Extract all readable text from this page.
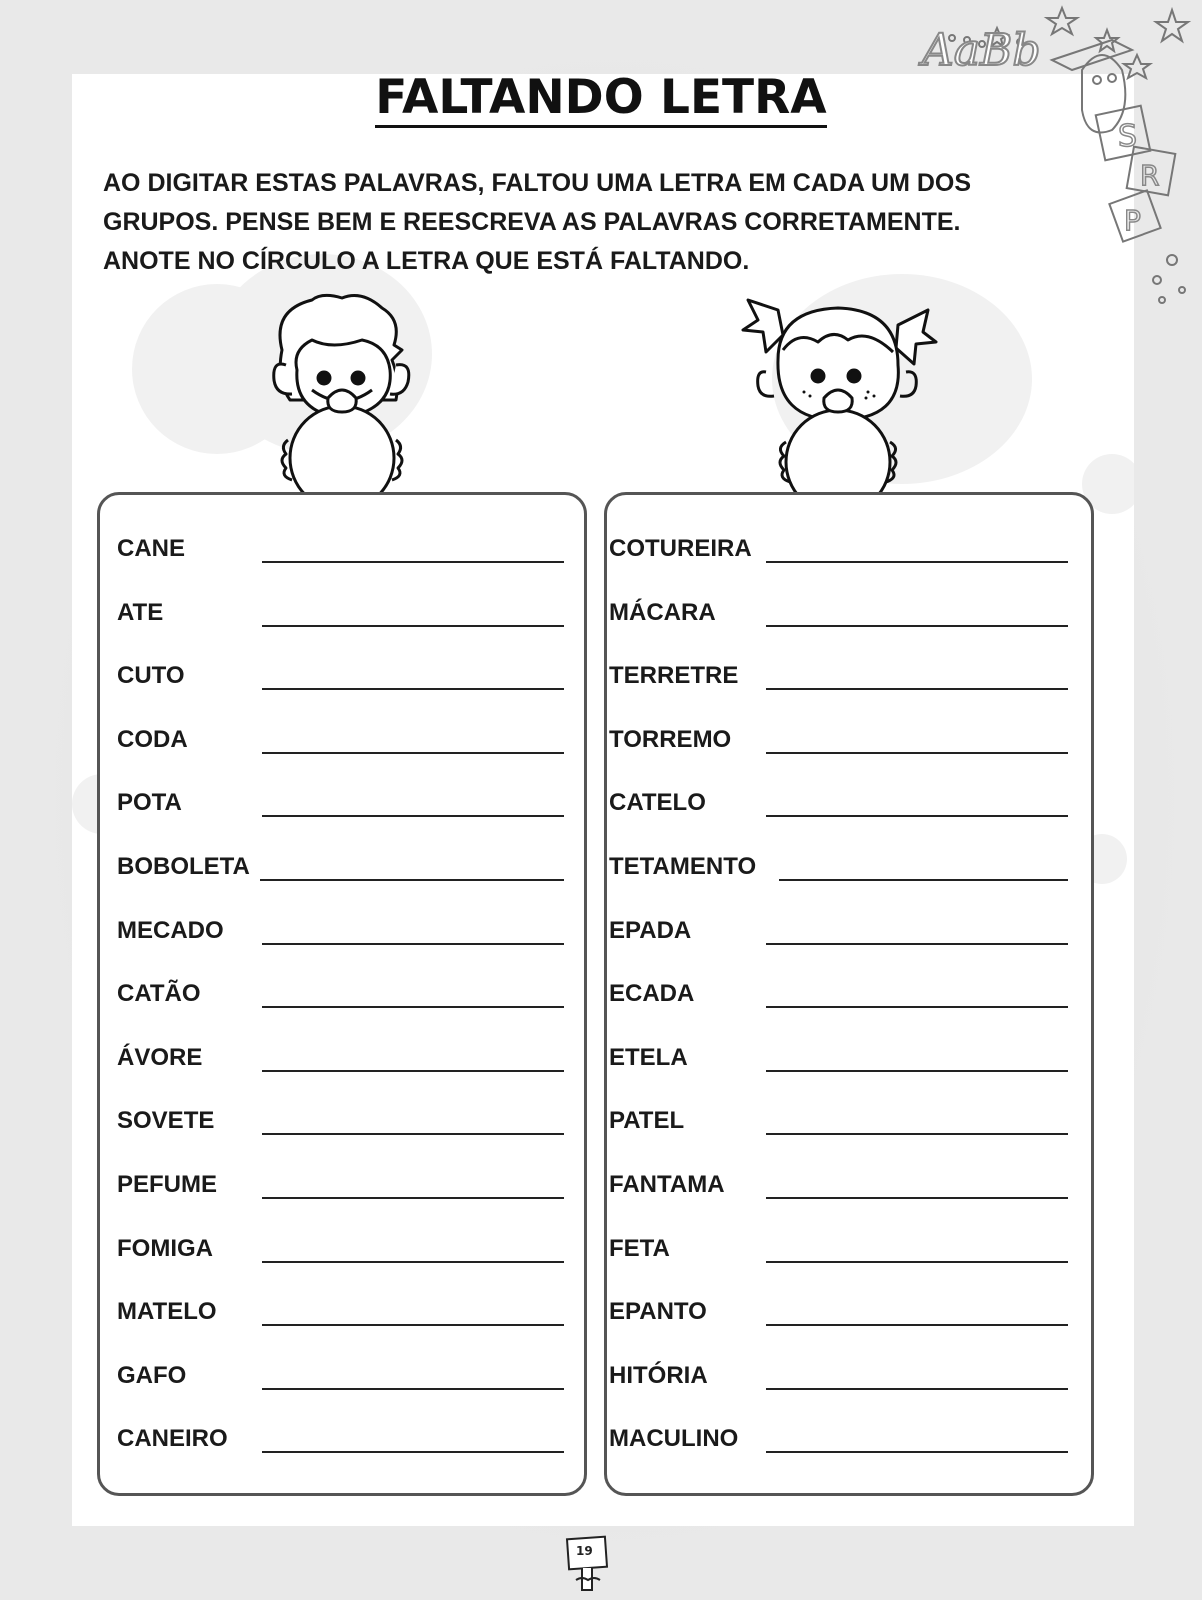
AaBb
S
R
P
FALTANDO LETRA
AO DIGITAR ESTAS PALAVRAS, FALTOU UMA LETRA EM CADA UM DOS
GRUPOS. PENSE BEM E REESCREVA AS PALAVRAS CORRETAMENTE.
ANOTE NO CÍRCULO A LETRA QUE ESTÁ FALTANDO.
CANE
ATE
CUTO
CODA
POTA
BOBOLETA
MECADO
CATÃO
ÁVORE
SOVETE
PEFUME
FOMIGA
MATELO
GAFO
CANEIRO
COTUREIRA
MÁCARA
TERRETRE
TORREMO
CATELO
TETAMENTO
EPADA
ECADA
ETELA
PATEL
FANTAMA
FETA
EPANTO
HITÓRIA
MACULINO
19
